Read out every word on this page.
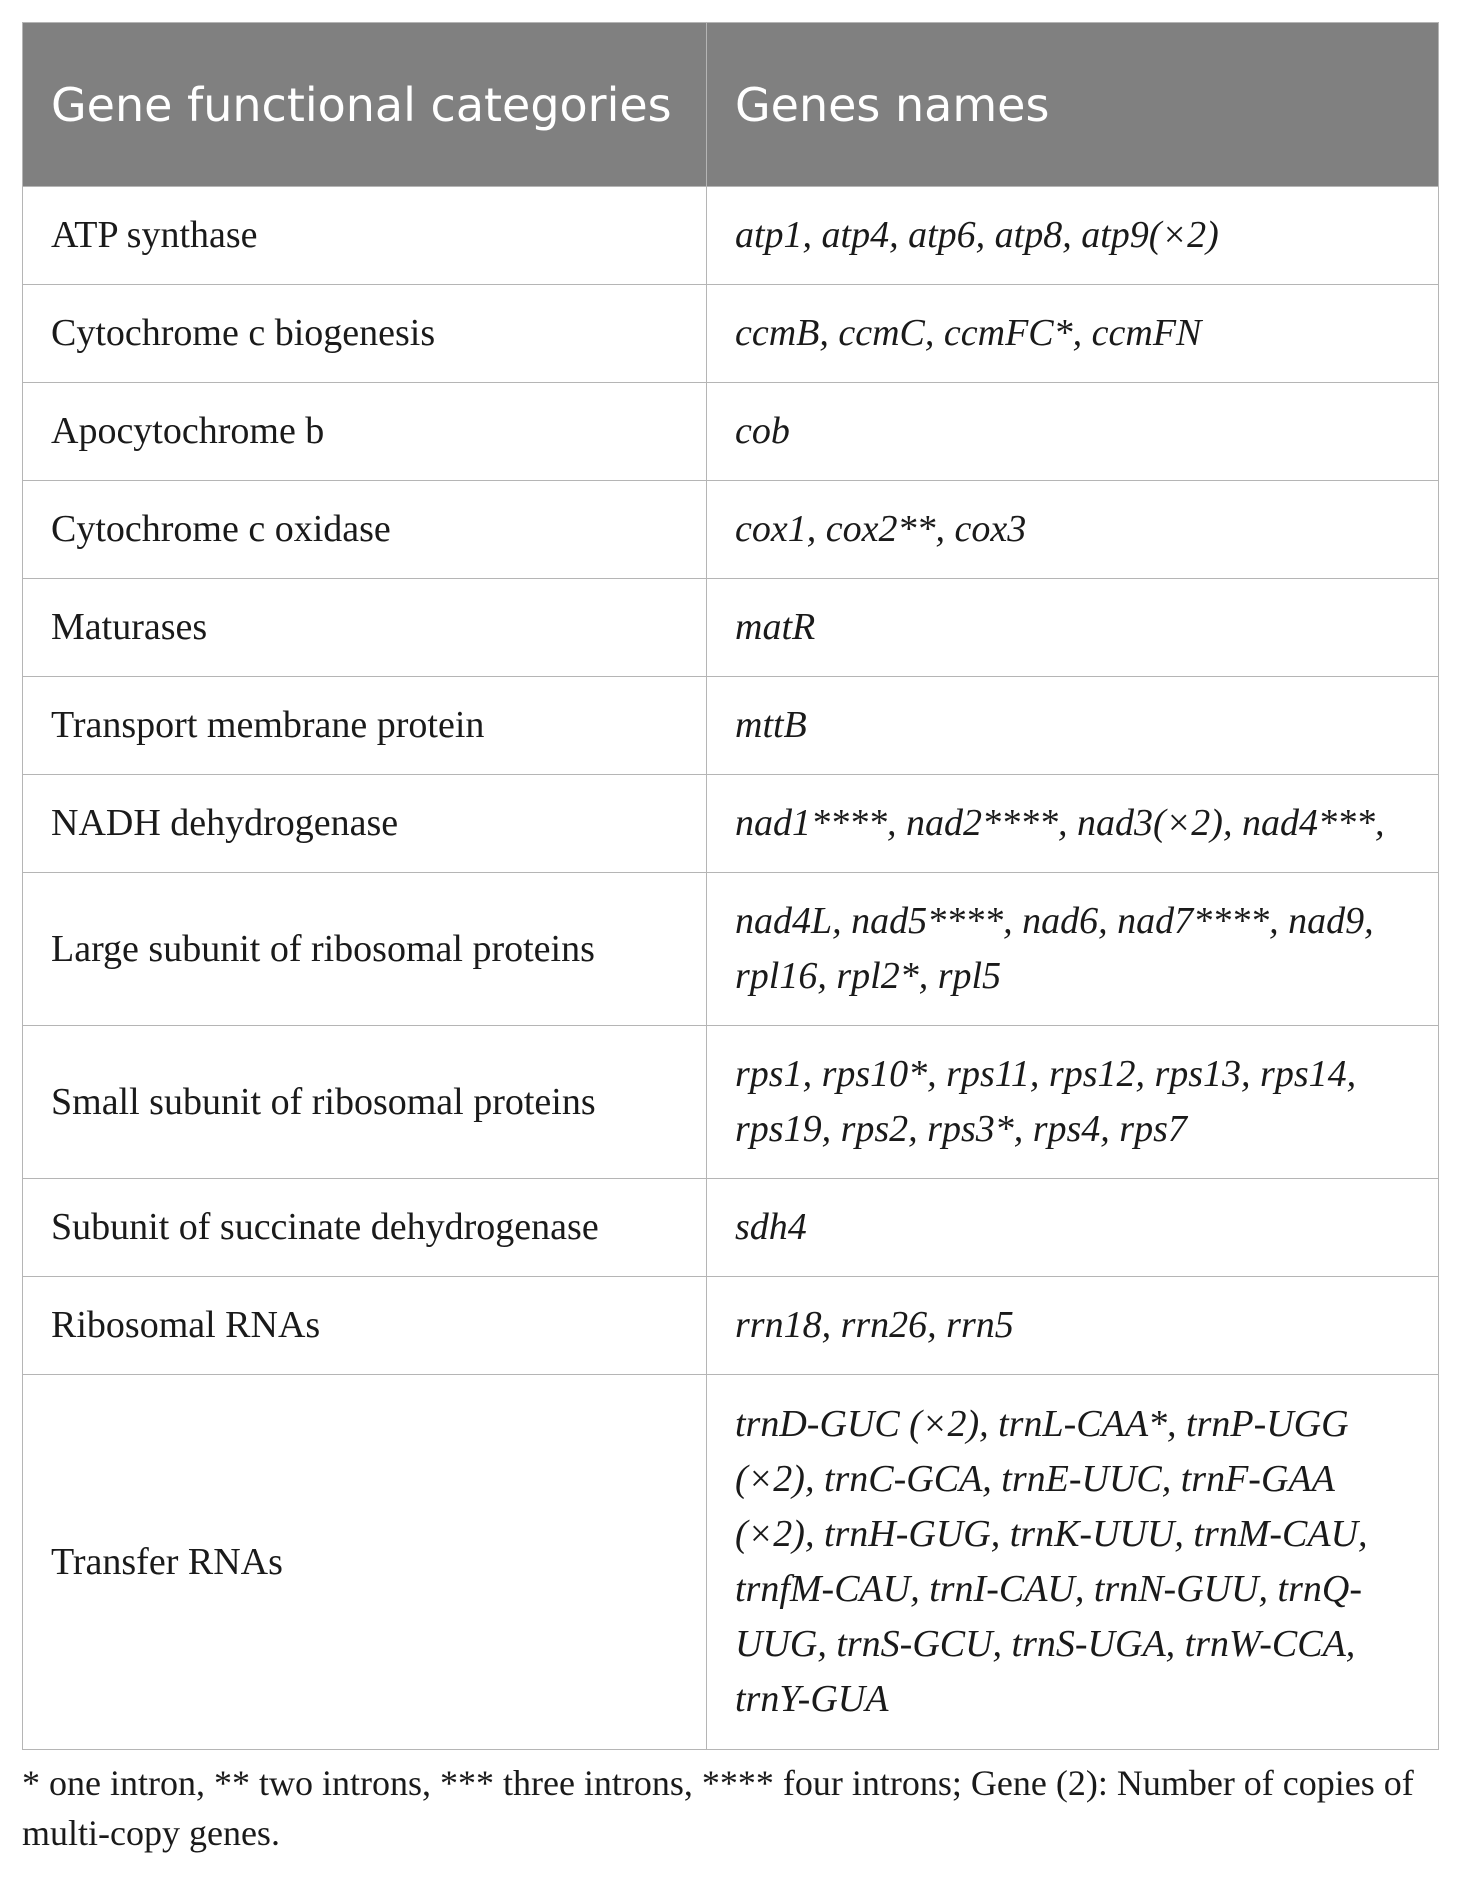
Gene functional categories	Genes names
ATP synthase	atp1, atp4, atp6, atp8, atp9(×2)
Cytochrome c biogenesis	ccmB, ccmC, ccmFC*, ccmFN
Apocytochrome b	cob
Cytochrome c oxidase	cox1, cox2**, cox3
Maturases	matR
Transport membrane protein	mttB
NADH dehydrogenase	nad1****, nad2****, nad3(×2), nad4***,
Large subunit of ribosomal proteins	nad4L, nad5****, nad6, nad7****, nad9, rpl16, rpl2*, rpl5
Small subunit of ribosomal proteins	rps1, rps10*, rps11, rps12, rps13, rps14, rps19, rps2, rps3*, rps4, rps7
Subunit of succinate dehydrogenase	sdh4
Ribosomal RNAs	rrn18, rrn26, rrn5
Transfer RNAs	trnD-GUC (×2), trnL-CAA*, trnP-UGG (×2), trnC-GCA, trnE-UUC, trnF-GAA (×2), trnH-GUG, trnK-UUU, trnM-CAU, trnfM-CAU, trnI-CAU, trnN-GUU, trnQ-UUG, trnS-GCU, trnS-UGA, trnW-CCA, trnY-GUA
* one intron, ** two introns, *** three introns, **** four introns; Gene (2): Number of copies of multi-copy genes.
